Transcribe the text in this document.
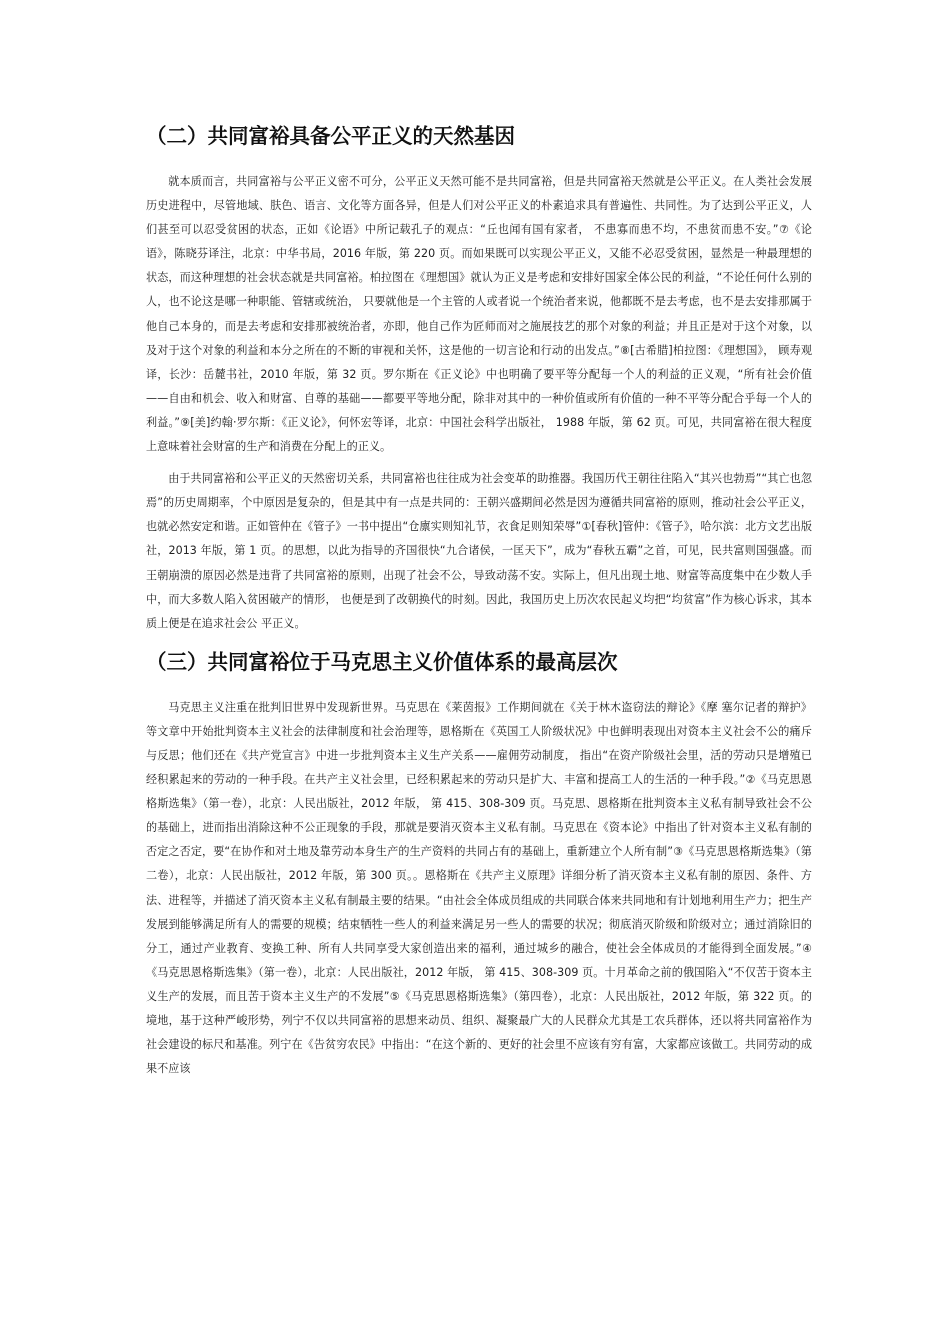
（二）共同富裕具备公平正义的天然基因

就本质而言，共同富裕与公平正义密不可分，公平正义天然可能不是共同富裕，但是共同富裕天然就是公平正义。在人类社会发展历史进程中，尽管地域、肤色、语言、文化等方面各异，但是人们对公平正义的朴素追求具有普遍性、共同性。为了达到公平正义，人们甚至可以忍受贫困的状态，正如《论语》中所记载孔子的观点：“丘也闻有国有家者， 不患寡而患不均，不患贫而患不安。”⑦《论语》，陈晓芬译注，北京：中华书局，2016 年版，第 220 页。而如果既可以实现公平正义，又能不必忍受贫困，显然是一种最理想的状态，而这种理想的社会状态就是共同富裕。柏拉图在《理想国》就认为正义是考虑和安排好国家全体公民的利益，“不论任何什么别的人，也不论这是哪一种职能、管辖或统治， 只要就他是一个主管的人或者说一个统治者来说，他都既不是去考虑，也不是去安排那属于他自己本身的，而是去考虑和安排那被统治者，亦即，他自己作为匠师而对之施展技艺的那个对象的利益；并且正是对于这个对象，以及对于这个对象的利益和本分之所在的不断的审视和关怀，这是他的一切言论和行动的出发点。”⑧[古希腊]柏拉图：《理想国》， 顾寿观译，长沙：岳麓书社，2010 年版，第 32 页。罗尔斯在《正义论》中也明确了要平等分配每一个人的利益的正义观，“所有社会价值——自由和机会、收入和财富、自尊的基础——都要平等地分配，除非对其中的一种价值或所有价值的一种不平等分配合乎每一个人的利益。”⑨[美]约翰·罗尔斯：《正义论》，何怀宏等译，北京：中国社会科学出版社， 1988 年版，第 62 页。可见，共同富裕在很大程度上意味着社会财富的生产和消费在分配上的正义。

由于共同富裕和公平正义的天然密切关系，共同富裕也往往成为社会变革的助推器。我国历代王朝往往陷入“其兴也勃焉”“其亡也忽焉”的历史周期率，个中原因是复杂的，但是其中有一点是共同的：王朝兴盛期间必然是因为遵循共同富裕的原则，推动社会公平正义，也就必然安定和谐。正如管仲在《管子》一书中提出“仓廪实则知礼节，衣食足则知荣辱”①[春秋]管仲：《管子》，哈尔滨：北方文艺出版社，2013 年版，第 1 页。的思想，以此为指导的齐国很快“九合诸侯，一匡天下”，成为“春秋五霸”之首，可见，民共富则国强盛。而王朝崩溃的原因必然是违背了共同富裕的原则，出现了社会不公，导致动荡不安。实际上，但凡出现土地、财富等高度集中在少数人手中，而大多数人陷入贫困破产的情形， 也便是到了改朝换代的时刻。因此，我国历史上历次农民起义均把“均贫富”作为核心诉求，其本质上便是在追求社会公 平正义。

（三）共同富裕位于马克思主义价值体系的最高层次

马克思主义注重在批判旧世界中发现新世界。马克思在《莱茵报》工作期间就在《关于林木盗窃法的辩论》《摩 塞尔记者的辩护》等文章中开始批判资本主义社会的法律制度和社会治理等，恩格斯在《英国工人阶级状况》中也鲜明表现出对资本主义社会不公的痛斥与反思；他们还在《共产党宣言》中进一步批判资本主义生产关系——雇佣劳动制度， 指出“在资产阶级社会里，活的劳动只是增殖已经积累起来的劳动的一种手段。在共产主义社会里，已经积累起来的劳动只是扩大、丰富和提高工人的生活的一种手段。”②《马克思恩格斯选集》（第一卷），北京：人民出版社，2012 年版， 第 415、308-309 页。马克思、恩格斯在批判资本主义私有制导致社会不公的基础上，进而指出消除这种不公正现象的手段，那就是要消灭资本主义私有制。马克思在《资本论》中指出了针对资本主义私有制的否定之否定，要“在协作和对土地及靠劳动本身生产的生产资料的共同占有的基础上，重新建立个人所有制”③《马克思恩格斯选集》（第二卷），北京：人民出版社，2012 年版，第 300 页。。恩格斯在《共产主义原理》详细分析了消灭资本主义私有制的原因、条件、方法、进程等，并描述了消灭资本主义私有制最主要的结果。“由社会全体成员组成的共同联合体来共同地和有计划地利用生产力；把生产发展到能够满足所有人的需要的规模；结束牺牲一些人的利益来满足另一些人的需要的状况；彻底消灭阶级和阶级对立；通过消除旧的分工，通过产业教育、变换工种、所有人共同享受大家创造出来的福利，通过城乡的融合，使社会全体成员的才能得到全面发展。”④《马克思恩格斯选集》（第一卷），北京：人民出版社，2012 年版， 第 415、308-309 页。十月革命之前的俄国陷入“不仅苦于资本主义生产的发展，而且苦于资本主义生产的不发展”⑤《马克思恩格斯选集》（第四卷），北京：人民出版社，2012 年版，第 322 页。的境地，基于这种严峻形势，列宁不仅以共同富裕的思想来动员、组织、凝聚最广大的人民群众尤其是工农兵群体，还以将共同富裕作为社会建设的标尺和基准。列宁在《告贫穷农民》中指出：“在这个新的、更好的社会里不应该有穷有富，大家都应该做工。共同劳动的成果不应该
